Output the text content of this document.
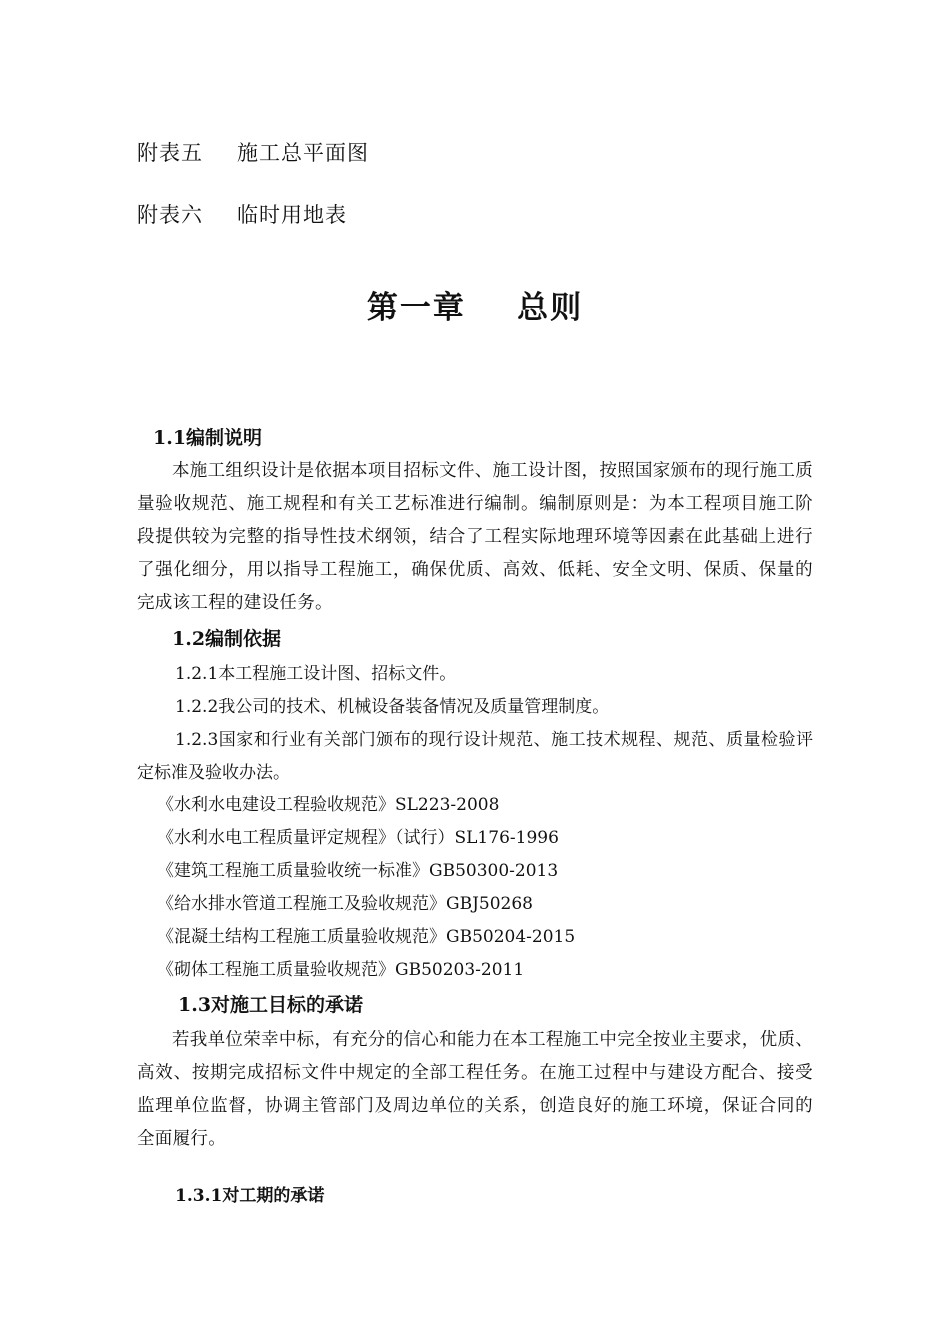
附表五 施工总平面图
附表六 临时用地表
第一章    总则
1.1编制说明
本施工组织设计是依据本项目招标文件、施工设计图，按照国家颁布的现行施工质量验收规范、施工规程和有关工艺标准进行编制。编制原则是：为本工程项目施工阶段提供较为完整的指导性技术纲领，结合了工程实际地理环境等因素在此基础上进行了强化细分，用以指导工程施工，确保优质、高效、低耗、安全文明、保质、保量的完成该工程的建设任务。
1.2编制依据
1.2.1本工程施工设计图、招标文件。
1.2.2我公司的技术、机械设备装备情况及质量管理制度。
1.2.3国家和行业有关部门颁布的现行设计规范、施工技术规程、规范、质量检验评定标准及验收办法。
《水利水电建设工程验收规范》SL223-2008
《水利水电工程质量评定规程》（试行）SL176-1996
《建筑工程施工质量验收统一标准》GB50300-2013
《给水排水管道工程施工及验收规范》GBJ50268
《混凝土结构工程施工质量验收规范》GB50204-2015
《砌体工程施工质量验收规范》GB50203-2011
1.3对施工目标的承诺
若我单位荣幸中标，有充分的信心和能力在本工程施工中完全按业主要求，优质、高效、按期完成招标文件中规定的全部工程任务。在施工过程中与建设方配合、接受监理单位监督，协调主管部门及周边单位的关系，创造良好的施工环境，保证合同的全面履行。
1.3.1对工期的承诺
